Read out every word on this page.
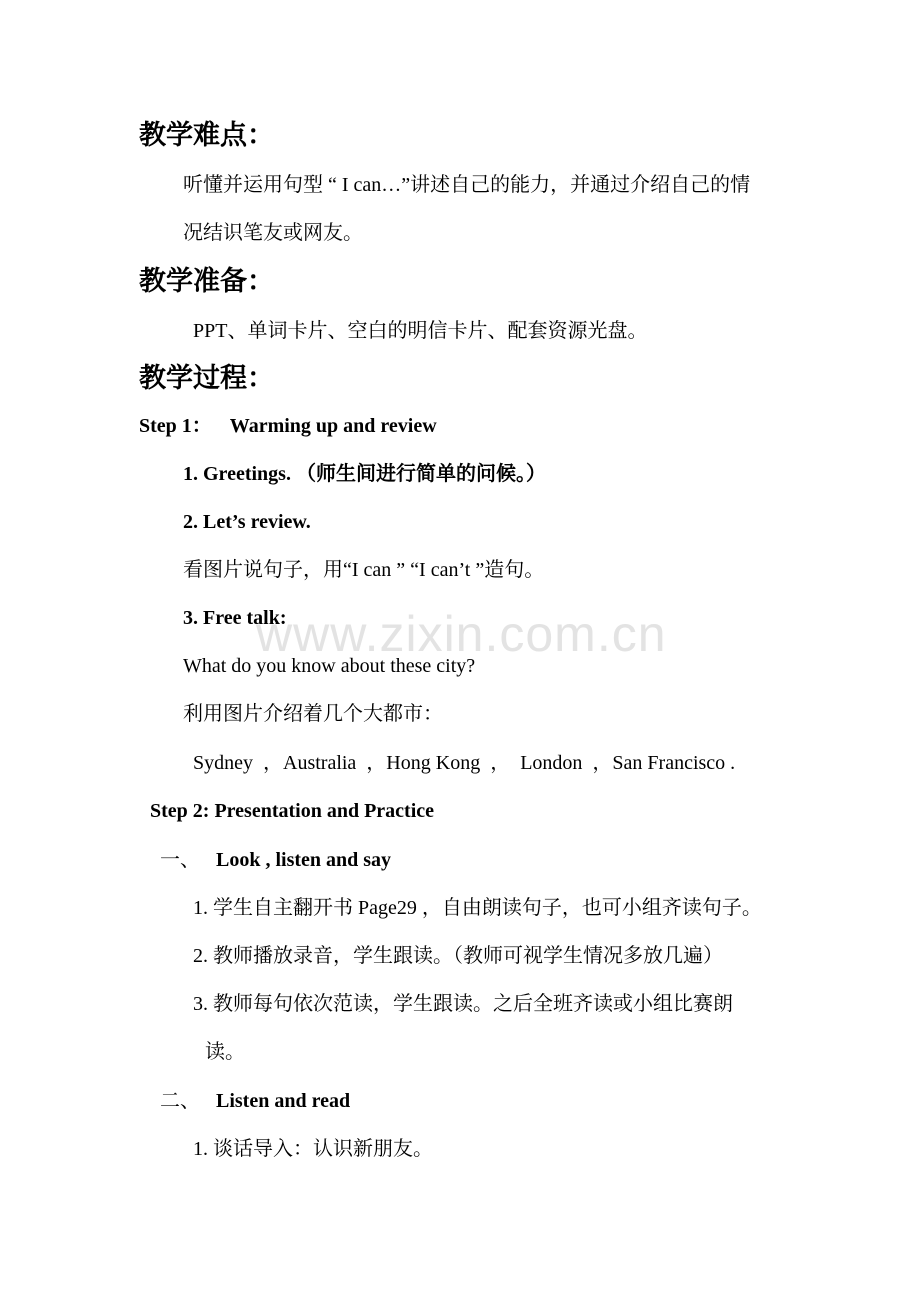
www.zixin.com.cn
教学难点：
听懂并运用句型 “ I can…”讲述自己的能力，并通过介绍自己的情
况结识笔友或网友。
教学准备：
PPT、单词卡片、空白的明信卡片、配套资源光盘。
教学过程：
Step 1： Warming up and review
1. Greetings. （师生间进行简单的问候。）
2. Let’s review.
看图片说句子，用“I can ” “I can’t ”造句。
3. Free talk:
What do you know about these city?
利用图片介绍着几个大都市：
Sydney  ，Australia  ，Hong Kong  ，  London  ，San Francisco .
Step 2: Presentation and Practice
一、 Look , listen and say
1. 学生自主翻开书 Page29 ，自由朗读句子，也可小组齐读句子。
2. 教师播放录音，学生跟读。（教师可视学生情况多放几遍）
3. 教师每句依次范读，学生跟读。之后全班齐读或小组比赛朗
读。
二、 Listen and read
1. 谈话导入：认识新朋友。
